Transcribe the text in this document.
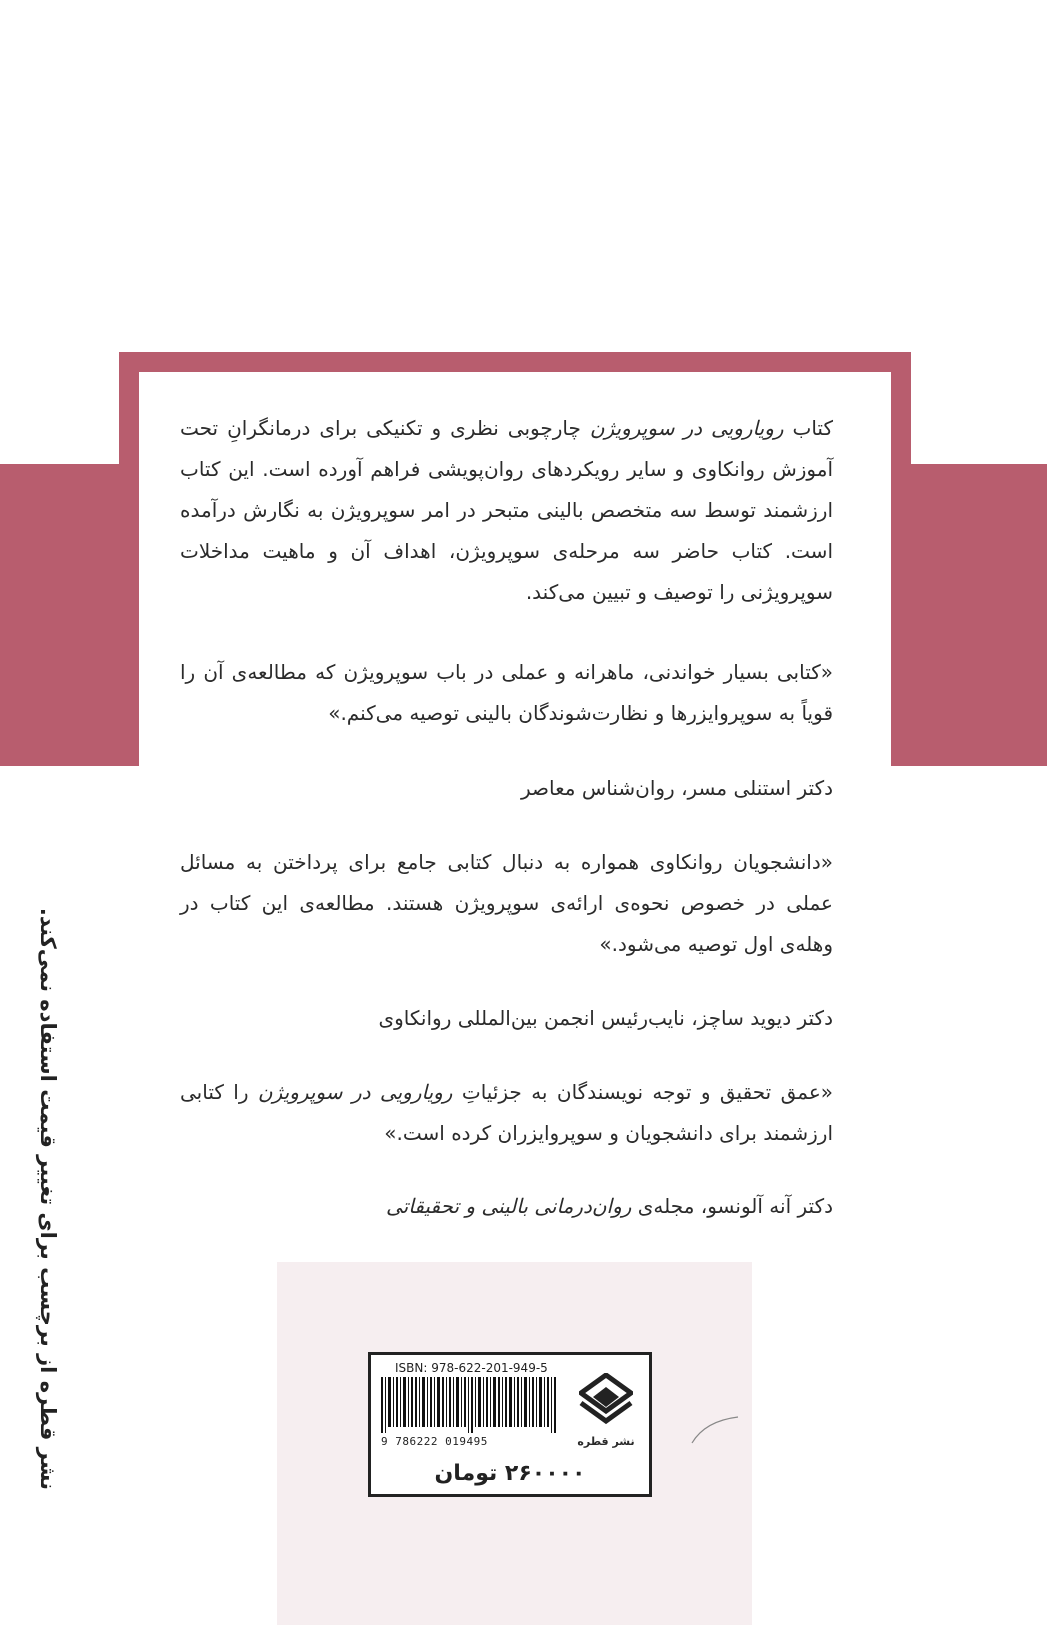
کتاب رویارویی در سوپرویژن چارچوبی نظری و تکنیکی برای درمانگرانِ تحت آموزش روانکاوی و سایر رویکردهای روان‌پویشی فراهم آورده است. این کتاب ارزشمند توسط سه متخصص بالینی متبحر در امر سوپرویژن به نگارش درآمده است. کتاب حاضر سه مرحله‌ی سوپرویژن، اهداف آن و ماهیت مداخلات سوپرویژنی را توصیف و تبیین می‌کند.
«کتابی بسیار خواندنی، ماهرانه و عملی در باب سوپرویژن که مطالعه‌ی آن را قویاً به سوپروایزرها و نظارت‌شوندگان بالینی توصیه می‌کنم.»
دکتر استنلی مسر، روان‌شناس معاصر
«دانشجویان روانکاوی همواره به دنبال کتابی جامع برای پرداختن به مسائل عملی در خصوص نحوه‌ی ارائه‌ی سوپرویژن هستند. مطالعه‌ی این کتاب در وهله‌ی اول توصیه می‌شود.»
دکتر دیوید ساچز، نایب‌رئیس انجمن بین‌المللی روانکاوی
«عمق تحقیق و توجه نویسندگان به جزئیاتِ رویارویی در سوپرویژن را کتابی ارزشمند برای دانشجویان و سوپروایزران کرده است.»
دکتر آنه آلونسو، مجله‌ی روان‌درمانی بالینی و تحقیقاتی
ISBN: 978-622-201-949-5
9 786222 019495	نشر قطره
۲۶۰۰۰۰ تومان
نشر قطره از برچسب برای تغییر قیمت استفاده نمی‌کند.
